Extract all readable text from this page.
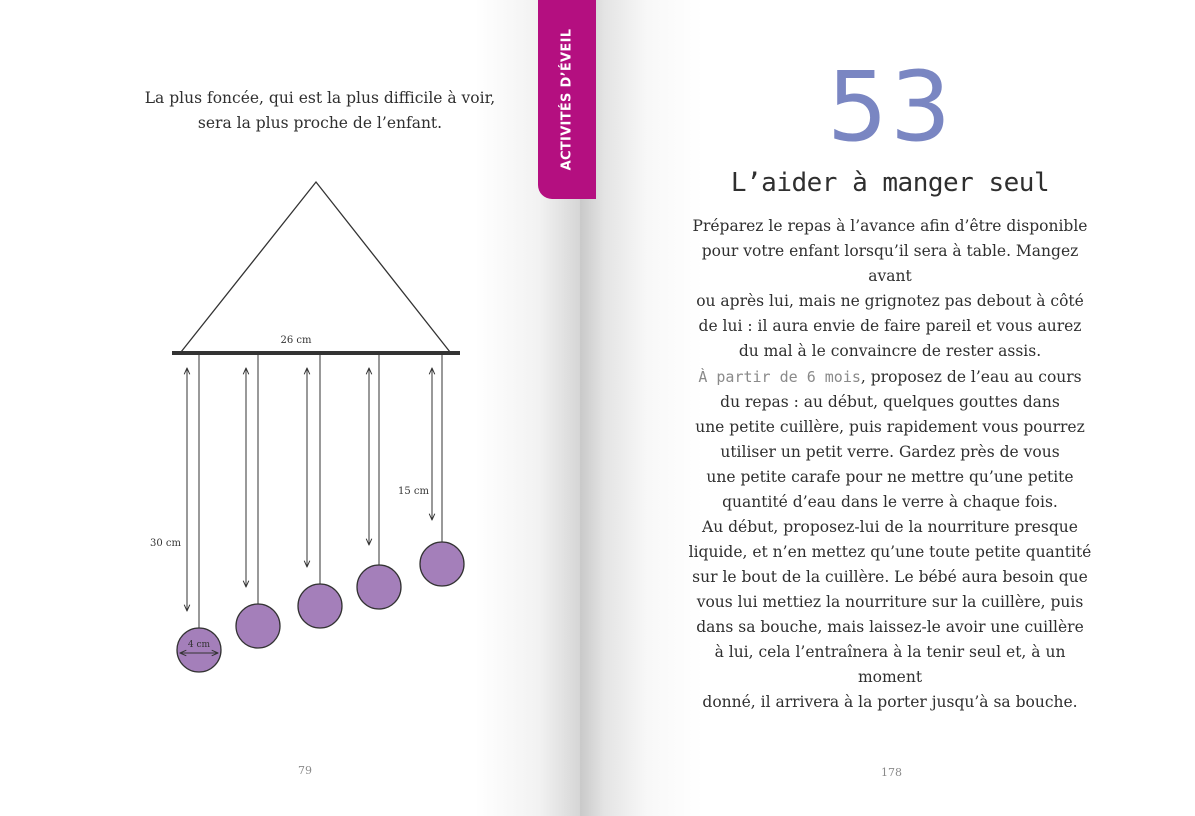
La plus foncée, qui est la plus difficile à voir,
sera la plus proche de l’enfant.
26 cm
30 cm
15 cm
4 cm
79
ACTIVITÉS D’ÉVEIL	53
L’aider à manger seul

Préparez le repas à l’avance afin d’être disponible

pour votre enfant lorsqu’il sera à table. Mangez avant

ou après lui, mais ne grignotez pas debout à côté

de lui : il aura envie de faire pareil et vous aurez

du mal à le convaincre de rester assis.

À partir de 6 mois, proposez de l’eau au cours

du repas : au début, quelques gouttes dans

une petite cuillère, puis rapidement vous pourrez

utiliser un petit verre. Gardez près de vous

une petite carafe pour ne mettre qu’une petite

quantité d’eau dans le verre à chaque fois.

Au début, proposez-lui de la nourriture presque

liquide, et n’en mettez qu’une toute petite quantité

sur le bout de la cuillère. Le bébé aura besoin que

vous lui mettiez la nourriture sur la cuillère, puis

dans sa bouche, mais laissez-le avoir une cuillère

à lui, cela l’entraînera à la tenir seul et, à un moment

donné, il arrivera à la porter jusqu’à sa bouche.

178
